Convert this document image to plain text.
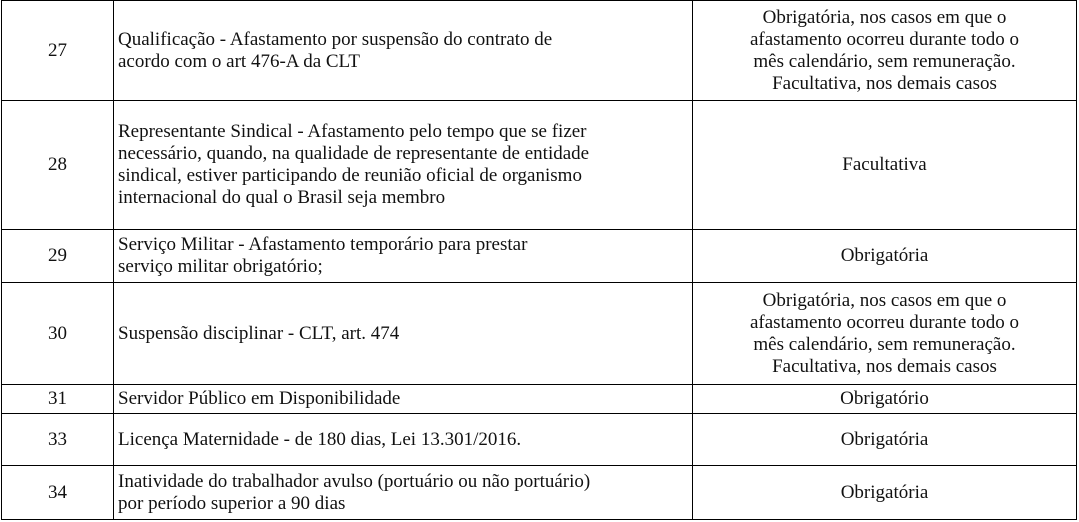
27	Qualificação - Afastamento por suspensão do contrato de
acordo com o art 476-A da CLT	Obrigatória, nos casos em que o
afastamento ocorreu durante todo o
mês calendário, sem remuneração.
Facultativa, nos demais casos

28	Representante Sindical - Afastamento pelo tempo que se fizer
necessário, quando, na qualidade de representante de entidade
sindical, estiver participando de reunião oficial de organismo
internacional do qual o Brasil seja membro	Facultativa

29	Serviço Militar - Afastamento temporário para prestar
serviço militar obrigatório;	Obrigatória

30	Suspensão disciplinar - CLT, art. 474	Obrigatória, nos casos em que o
afastamento ocorreu durante todo o
mês calendário, sem remuneração.
Facultativa, nos demais casos

31	Servidor Público em Disponibilidade	Obrigatório

33	Licença Maternidade - de 180 dias, Lei 13.301/2016.	Obrigatória

34	Inatividade do trabalhador avulso (portuário ou não portuário)
por período superior a 90 dias	Obrigatória
